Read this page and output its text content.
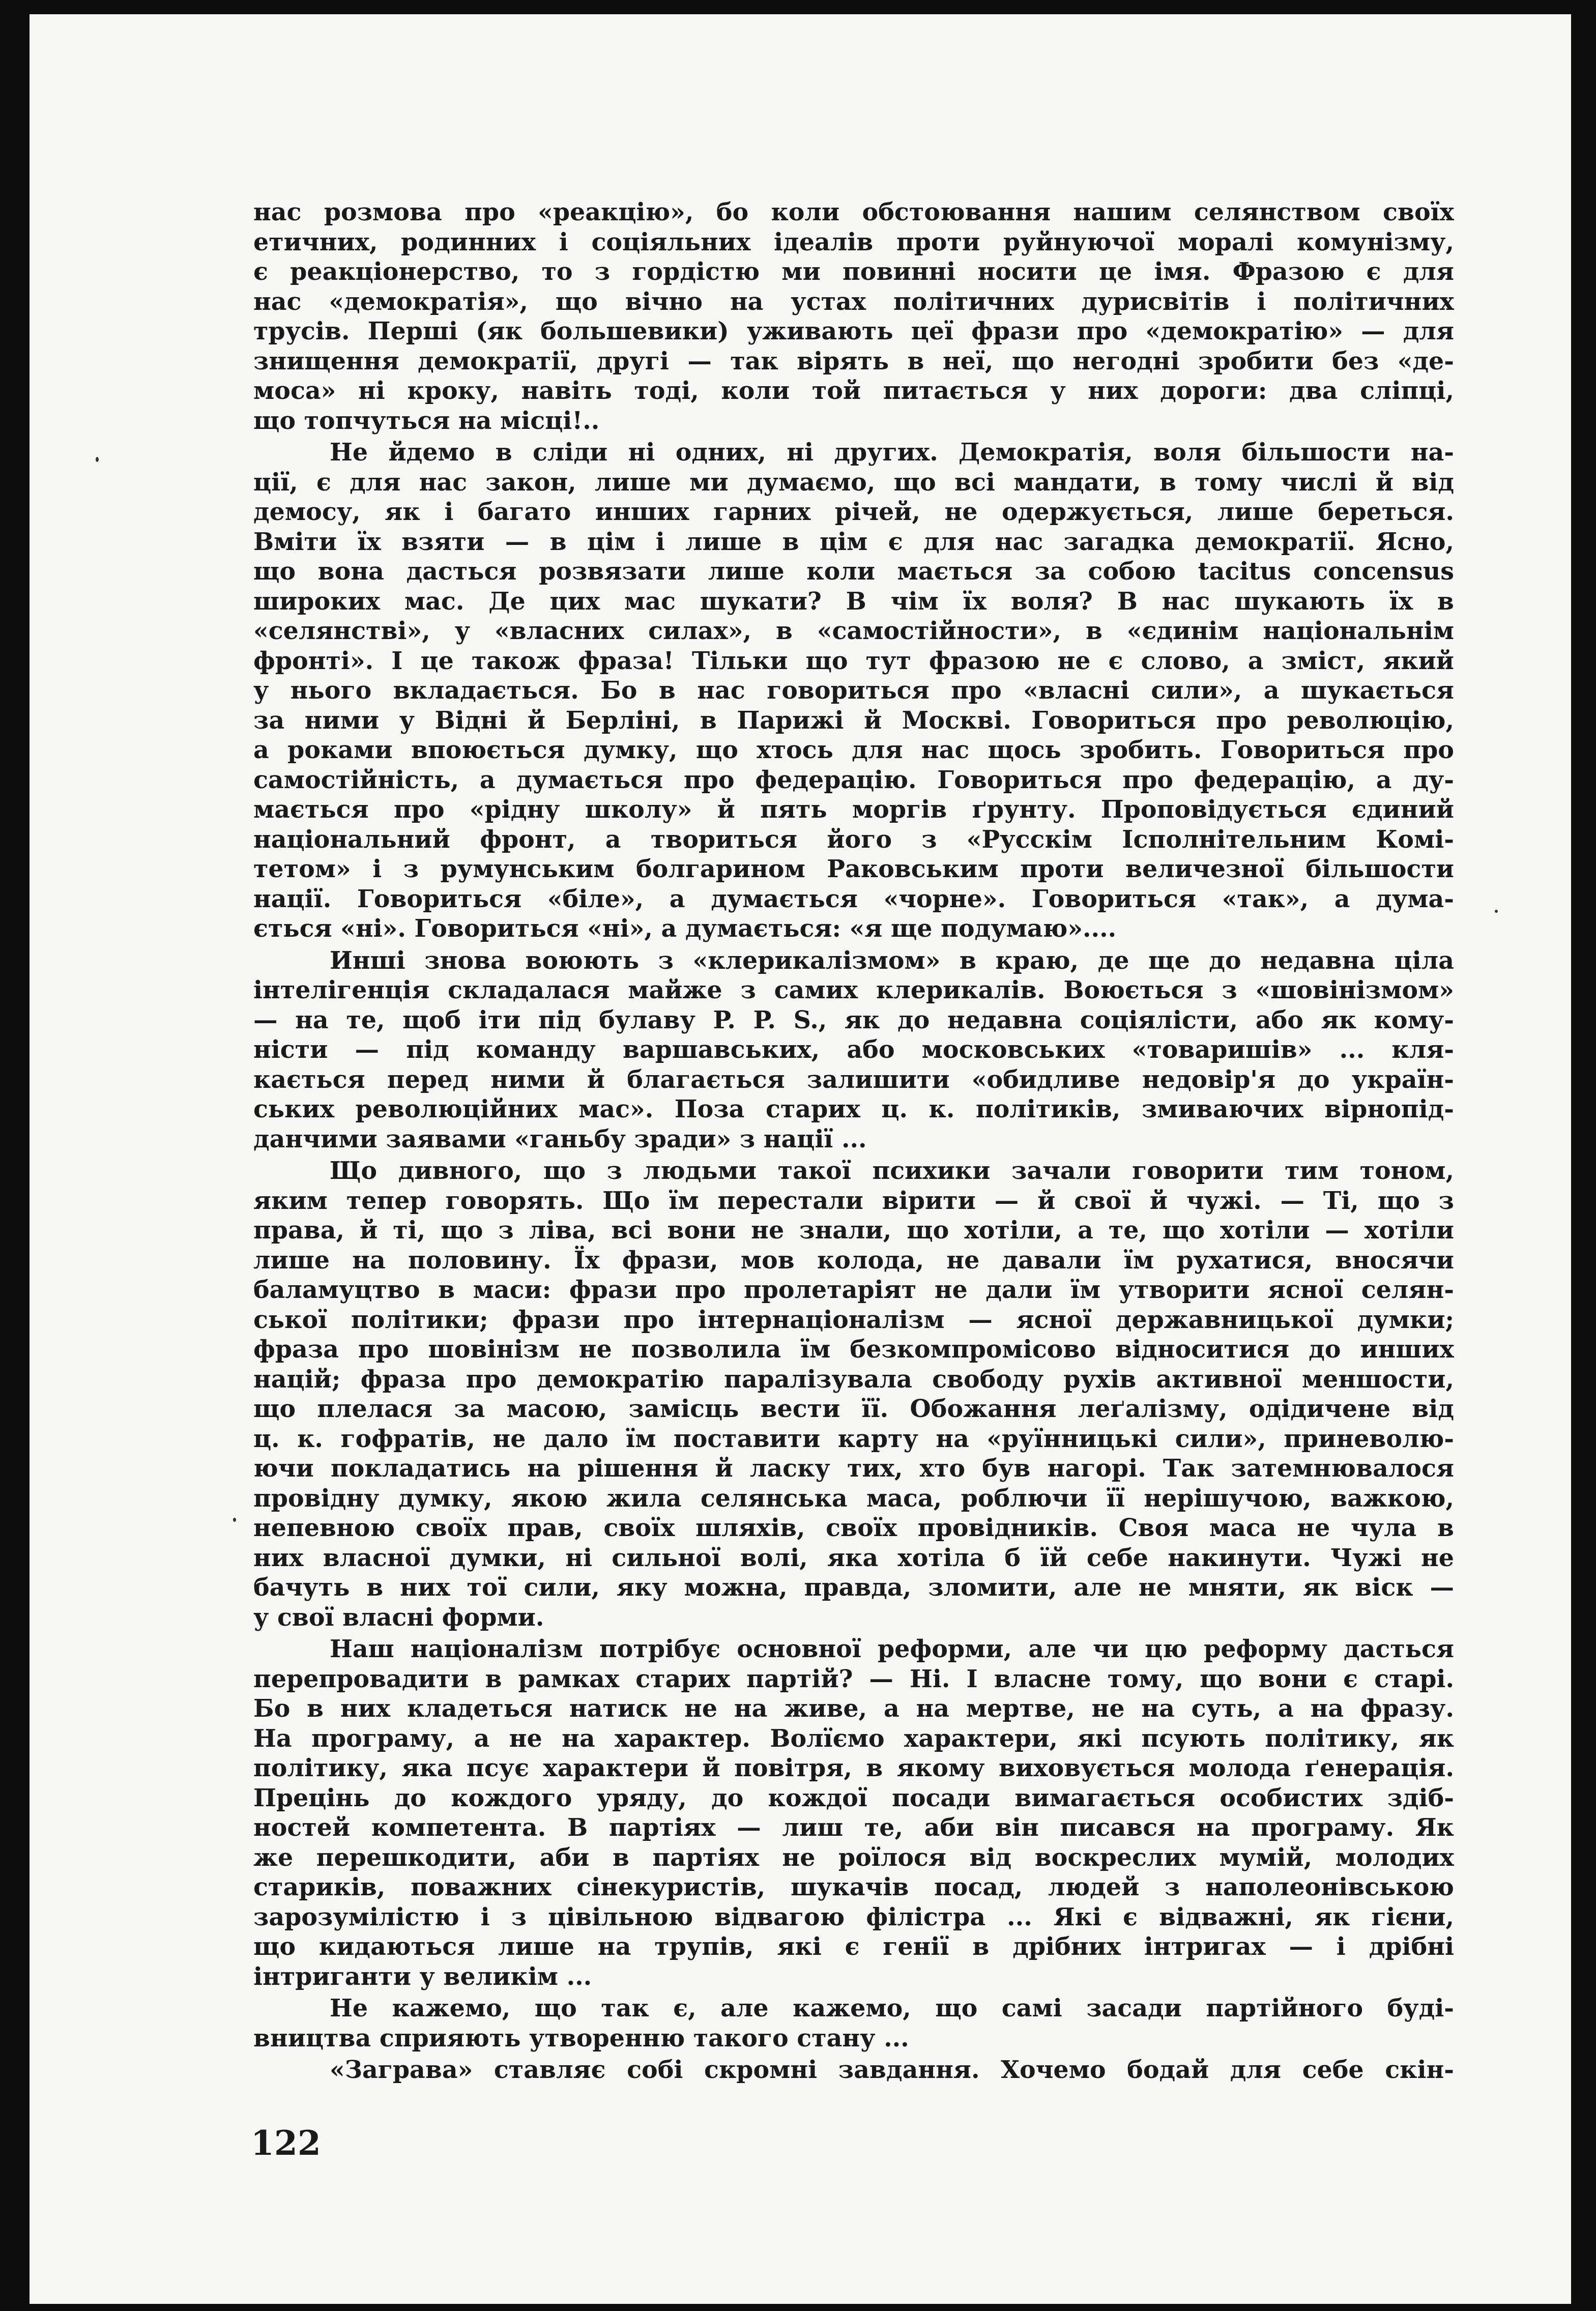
нас розмова про «реакцію», бо коли обстоювання нашим селянством своїх
етичних, родинних і соціяльних ідеалів проти руйнуючої моралі комунізму,
є реакціонерство, то з гордістю ми повинні носити це імя. Фразою є для
нас «демократія», що вічно на устах політичних дурисвітів і політичних
трусів. Перші (як большевики) уживають цеї фрази про «демократію» — для
знищення демократії, другі — так вірять в неї, що негодні зробити без «де-
моса» ні кроку, навіть тоді, коли той питається у них дороги: два сліпці,
що топчуться на місці!..
Не йдемо в сліди ні одних, ні других. Демократія, воля більшости на-
ції, є для нас закон, лише ми думаємо, що всі мандати, в тому числі й від
демосу, як і багато инших гарних річей, не одержується, лише береться.
Вміти їх взяти — в цім і лише в цім є для нас загадка демократії. Ясно,
що вона дасться розвязати лише коли мається за собою tacitus concensus
широких мас. Де цих мас шукати? В чім їх воля? В нас шукають їх в
«селянстві», у «власних силах», в «самостійности», в «єдинім національнім
фронті». І це також фраза! Тільки що тут фразою не є слово, а зміст, який
у нього вкладається. Бо в нас говориться про «власні сили», а шукається
за ними у Відні й Берліні, в Парижі й Москві. Говориться про революцію,
а роками впоюється думку, що хтось для нас щось зробить. Говориться про
самостійність, а думається про федерацію. Говориться про федерацію, а ду-
мається про «рідну школу» й пять моргів ґрунту. Проповідується єдиний
національний фронт, а твориться його з «Русскім Ісполнітельним Комі-
тетом» і з румунським болгарином Раковським проти величезної більшости
нації. Говориться «біле», а думається «чорне». Говориться «так», а дума-
ється «ні». Говориться «ні», а думається: «я ще подумаю»....
Инші знова воюють з «клерикалізмом» в краю, де ще до недавна ціла
інтелігенція складалася майже з самих клерикалів. Воюється з «шовінізмом»
— на те, щоб іти під булаву P. P. S., як до недавна соціялісти, або як кому-
ністи — під команду варшавських, або московських «товаришів» ... кля-
кається перед ними й благається залишити «обидливе недовір'я до україн-
ських революційних мас». Поза старих ц. к. політиків, змиваючих вірнопід-
данчими заявами «ганьбу зради» з нації ...
Що дивного, що з людьми такої психики зачали говорити тим тоном,
яким тепер говорять. Що їм перестали вірити — й свої й чужі. — Ті, що з
права, й ті, що з ліва, всі вони не знали, що хотіли, а те, що хотіли — хотіли
лише на половину. Їх фрази, мов колода, не давали їм рухатися, вносячи
баламуцтво в маси: фрази про пролетаріят не дали їм утворити ясної селян-
ської політики; фрази про інтернаціоналізм — ясної державницької думки;
фраза про шовінізм не позволила їм безкомпромісово відноситися до инших
націй; фраза про демократію паралізувала свободу рухів активної меншости,
що плелася за масою, замісць вести її. Обожання леґалізму, одідичене від
ц. к. гофратів, не дало їм поставити карту на «руїнницькі сили», приневолю-
ючи покладатись на рішення й ласку тих, хто був нагорі. Так затемнювалося
провідну думку, якою жила селянська маса, роблючи її нерішучою, важкою,
непевною своїх прав, своїх шляхів, своїх провідників. Своя маса не чула в
них власної думки, ні сильної волі, яка хотіла б їй себе накинути. Чужі не
бачуть в них тої сили, яку можна, правда, зломити, але не мняти, як віск —
у свої власні форми.
Наш націоналізм потрібує основної реформи, але чи цю реформу дасться
перепровадити в рамках старих партій? — Ні. І власне тому, що вони є старі.
Бо в них кладеться натиск не на живе, а на мертве, не на суть, а на фразу.
На програму, а не на характер. Волїємо характери, які псують політику, як
політику, яка псує характери й повітря, в якому виховується молода ґенерація.
Прецінь до кождого уряду, до кождої посади вимагається особистих здіб-
ностей компетента. В партіях — лиш те, аби він писався на програму. Як
же перешкодити, аби в партіях не роїлося від воскреслих мумій, молодих
стариків, поважних сінекуристів, шукачів посад, людей з наполеонівською
зарозумілістю і з цівільною відвагою філістра ... Які є відважні, як гієни,
що кидаються лише на трупів, які є генії в дрібних інтригах — і дрібні
інтриганти у великім ...
Не кажемо, що так є, але кажемо, що самі засади партійного буді-
вництва сприяють утворенню такого стану ...
«Заграва» ставляє собі скромні завдання. Хочемо бодай для себе скін-
122
